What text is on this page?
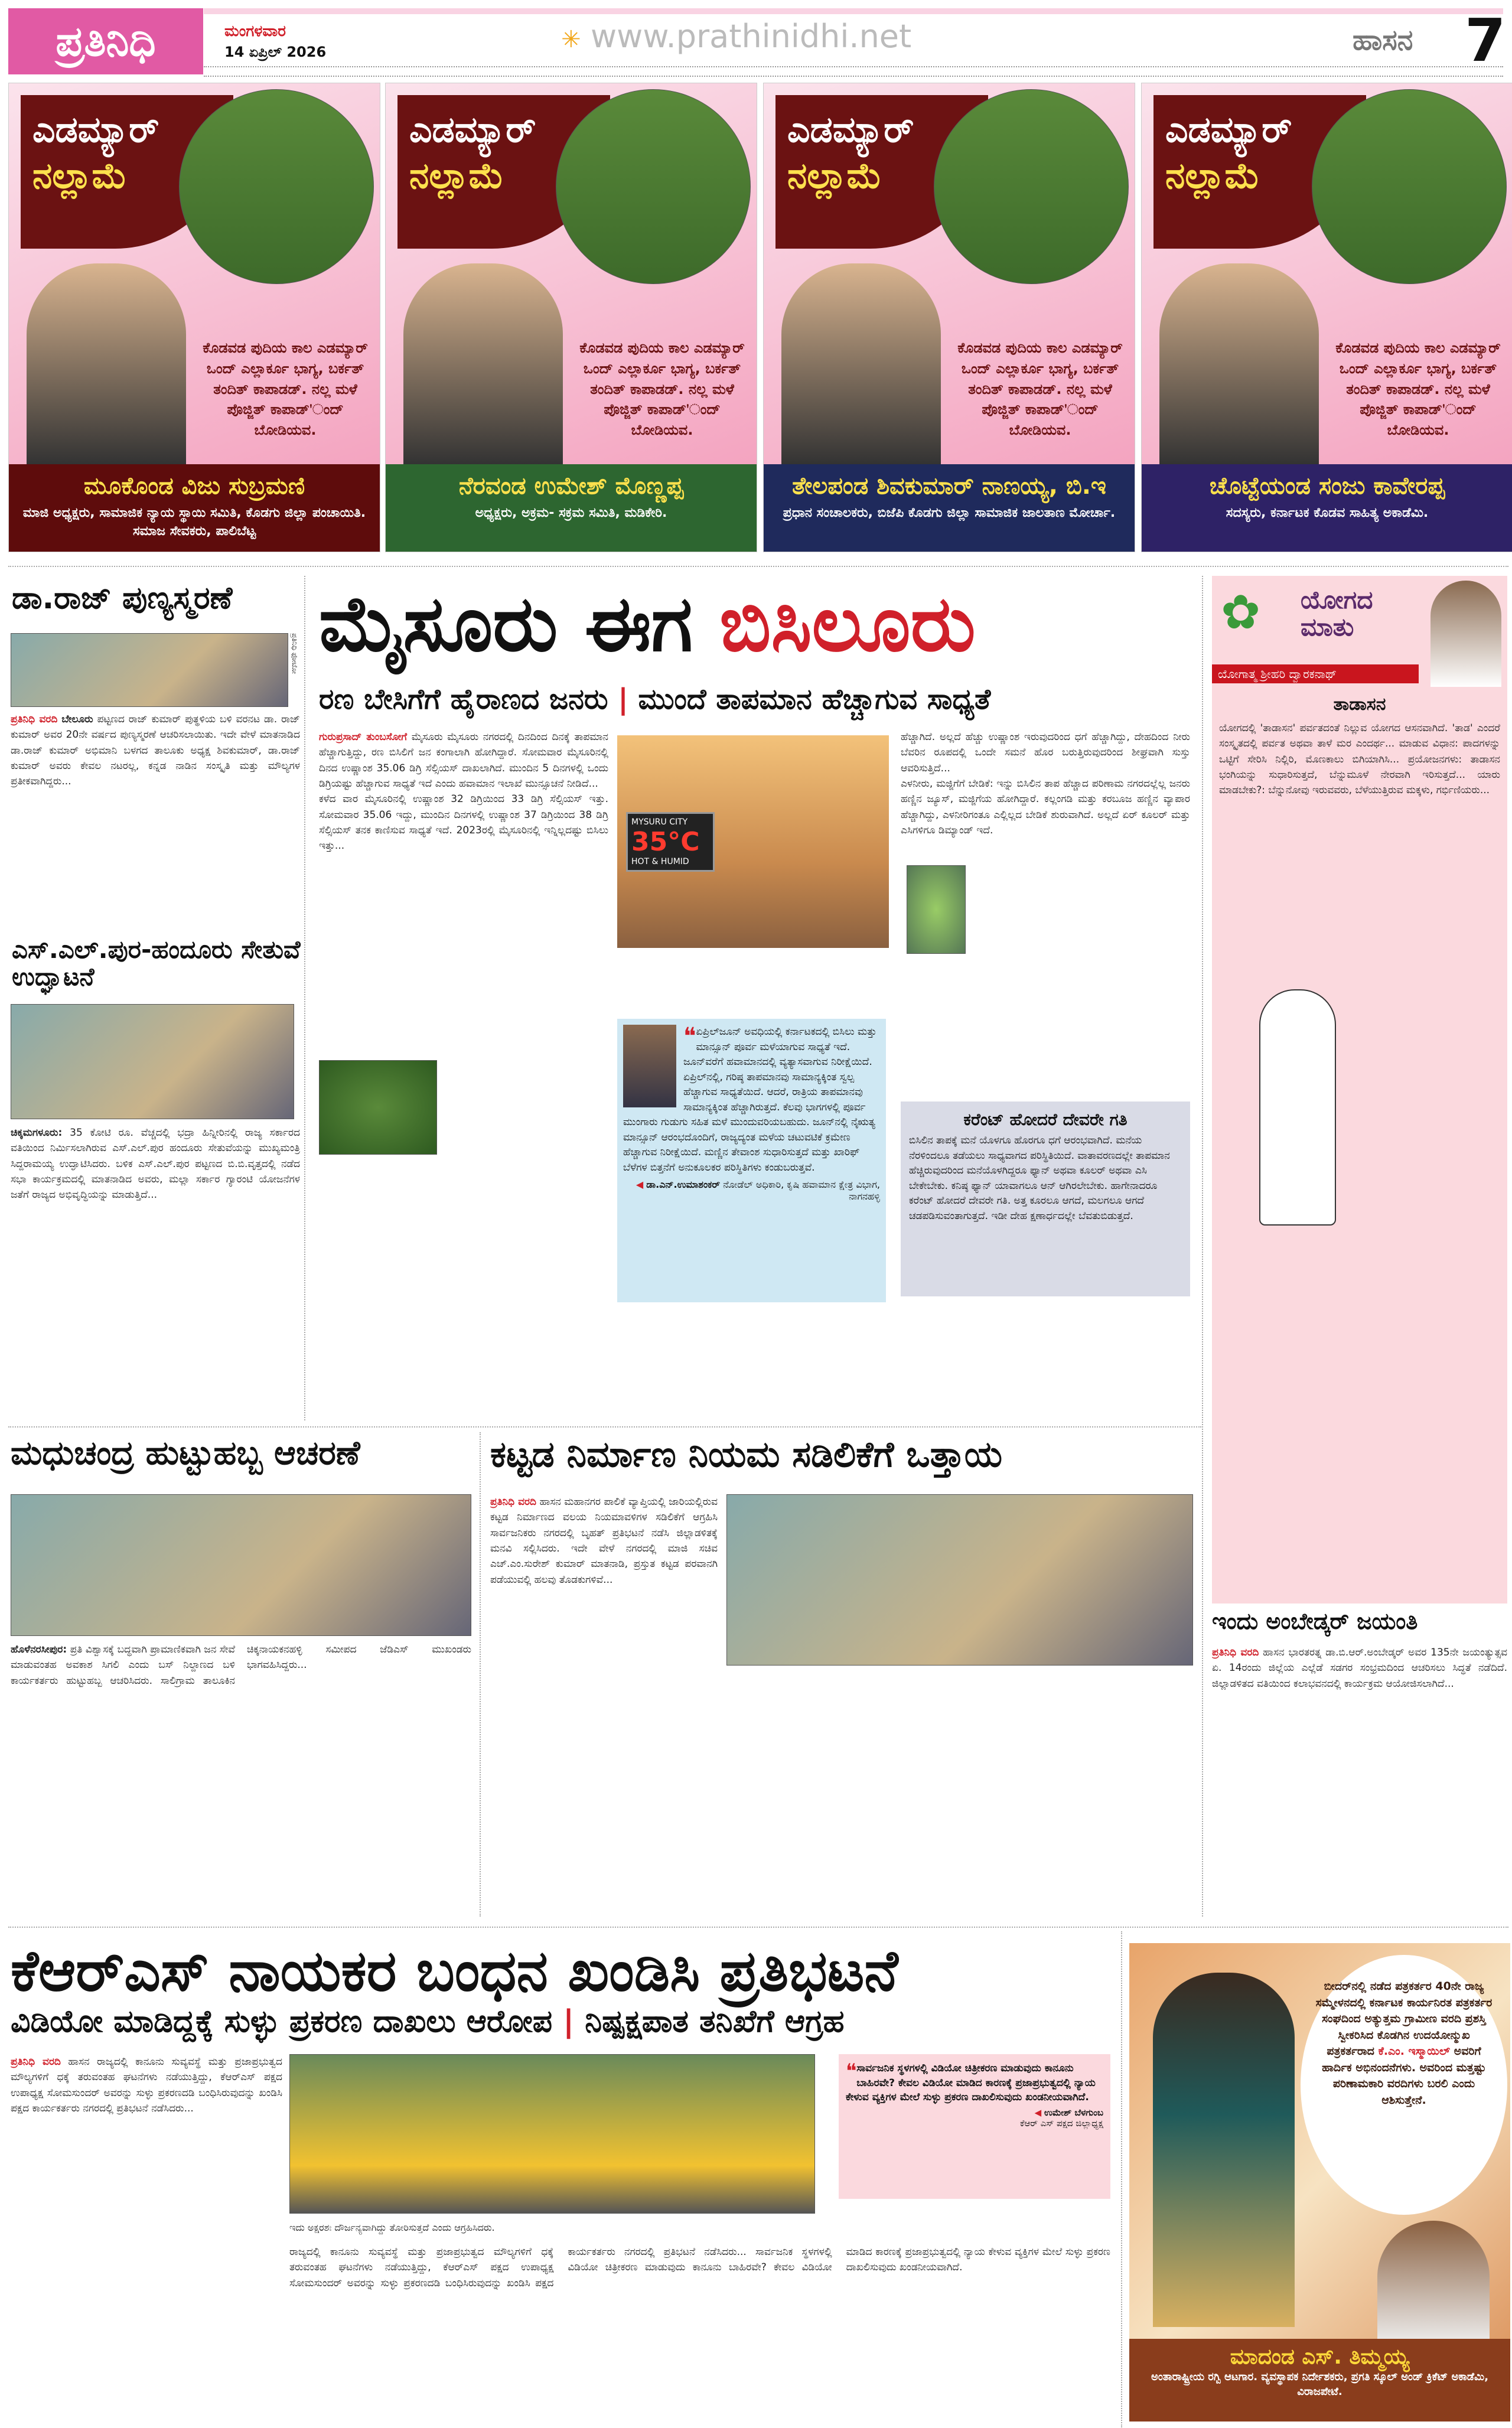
ಪ್ರತಿನಿಧಿ	ಮಂಗಳವಾರ
14 ಏಪ್ರಿಲ್ 2026	✳ www.prathinidhi.net	ಹಾಸನ 7
ಎಡಮ್ಯಾರ್
ನಲ್ಲಾಮೆ
ಕೊಡವಡ ಪುದಿಯ ಕಾಲ ಎಡಮ್ಯಾರ್ ಒಂದ್ ಎಲ್ಲಾರ್ಕೂ ಭಾಗ್ಯ, ಬರ್ಕತ್ ತಂದಿತ್ ಕಾಪಾಡಡ್. ನಲ್ಲ ಮಳೆ ಪೊಜ್ಜಿತ್ ಕಾಪಾಡ್'ಂದ್ ಬೋಡಿಯವ.
ಮೂಕೊಂಡ ವಿಜು ಸುಬ್ರಮಣಿ
ಮಾಜಿ ಅಧ್ಯಕ್ಷರು, ಸಾಮಾಜಿಕ ನ್ಯಾಯ ಸ್ಥಾಯಿ ಸಮಿತಿ, ಕೊಡಗು ಜಿಲ್ಲಾ ಪಂಚಾಯಿತಿ. ಸಮಾಜ ಸೇವಕರು, ಪಾಲಿಬೆಟ್ಟ
ಎಡಮ್ಯಾರ್
ನಲ್ಲಾಮೆ
ಕೊಡವಡ ಪುದಿಯ ಕಾಲ ಎಡಮ್ಯಾರ್ ಒಂದ್ ಎಲ್ಲಾರ್ಕೂ ಭಾಗ್ಯ, ಬರ್ಕತ್ ತಂದಿತ್ ಕಾಪಾಡಡ್. ನಲ್ಲ ಮಳೆ ಪೊಜ್ಜಿತ್ ಕಾಪಾಡ್'ಂದ್ ಬೋಡಿಯವ.
ನೆರವಂಡ ಉಮೇಶ್ ಮೊಣ್ಣಪ್ಪ
ಅಧ್ಯಕ್ಷರು, ಅಕ್ರಮ- ಸಕ್ರಮ ಸಮಿತಿ, ಮಡಿಕೇರಿ.
ಎಡಮ್ಯಾರ್
ನಲ್ಲಾಮೆ
ಕೊಡವಡ ಪುದಿಯ ಕಾಲ ಎಡಮ್ಯಾರ್ ಒಂದ್ ಎಲ್ಲಾರ್ಕೂ ಭಾಗ್ಯ, ಬರ್ಕತ್ ತಂದಿತ್ ಕಾಪಾಡಡ್. ನಲ್ಲ ಮಳೆ ಪೊಜ್ಜಿತ್ ಕಾಪಾಡ್'ಂದ್ ಬೋಡಿಯವ.
ತೇಲಪಂಡ ಶಿವಕುಮಾರ್ ನಾಣಯ್ಯ, ಬಿ.ಇ
ಪ್ರಧಾನ ಸಂಚಾಲಕರು, ಬಿಜೆಪಿ ಕೊಡಗು ಜಿಲ್ಲಾ ಸಾಮಾಜಿಕ ಜಾಲತಾಣ ಮೋರ್ಚಾ.
ಎಡಮ್ಯಾರ್
ನಲ್ಲಾಮೆ
ಕೊಡವಡ ಪುದಿಯ ಕಾಲ ಎಡಮ್ಯಾರ್ ಒಂದ್ ಎಲ್ಲಾರ್ಕೂ ಭಾಗ್ಯ, ಬರ್ಕತ್ ತಂದಿತ್ ಕಾಪಾಡಡ್. ನಲ್ಲ ಮಳೆ ಪೊಜ್ಜಿತ್ ಕಾಪಾಡ್'ಂದ್ ಬೋಡಿಯವ.
ಚೊಟ್ಟೆಯಂಡ ಸಂಜು ಕಾವೇರಪ್ಪ
ಸದಸ್ಯರು, ಕರ್ನಾಟಕ ಕೊಡವ ಸಾಹಿತ್ಯ ಅಕಾಡೆಮಿ.
ಡಾ.ರಾಜ್ ಪುಣ್ಯಸ್ಮರಣೆ
ಪ್ರತಿನಿಧಿ ಫೋಟೋ
ಪ್ರತಿನಿಧಿ ವರದಿ ಬೇಲೂರು ಪಟ್ಟಣದ ರಾಜ್ ಕುಮಾರ್ ಪುತ್ಥಳಿಯ ಬಳಿ ವರನಟ ಡಾ. ರಾಜ್ ಕುಮಾರ್ ಅವರ 20ನೇ ವರ್ಷದ ಪುಣ್ಯಸ್ಮರಣೆ ಆಚರಿಸಲಾಯಿತು. ಇದೇ ವೇಳೆ ಮಾತನಾಡಿದ ಡಾ.ರಾಜ್ ಕುಮಾರ್ ಅಭಿಮಾನಿ ಬಳಗದ ತಾಲೂಕು ಅಧ್ಯಕ್ಷ ಶಿವಕುಮಾರ್, ಡಾ.ರಾಜ್ ಕುಮಾರ್ ಅವರು ಕೇವಲ ನಟರಲ್ಲ, ಕನ್ನಡ ನಾಡಿನ ಸಂಸ್ಕೃತಿ ಮತ್ತು ಮೌಲ್ಯಗಳ ಪ್ರತೀಕವಾಗಿದ್ದರು...
ಎಸ್.ಎಲ್.ಪುರ-ಹಂದೂರು ಸೇತುವೆ ಉದ್ಘಾಟನೆ
ಚಿಕ್ಕಮಗಳೂರು: 35 ಕೋಟಿ ರೂ. ವೆಚ್ಚದಲ್ಲಿ ಭದ್ರಾ ಹಿನ್ನೀರಿನಲ್ಲಿ ರಾಜ್ಯ ಸರ್ಕಾರದ ವತಿಯಿಂದ ನಿರ್ಮಿಸಲಾಗಿರುವ ಎಸ್.ಎಲ್.ಪುರ ಹಂದೂರು ಸೇತುವೆಯನ್ನು ಮುಖ್ಯಮಂತ್ರಿ ಸಿದ್ದರಾಮಯ್ಯ ಉದ್ಘಾಟಿಸಿದರು. ಬಳಿಕ ಎಸ್.ಎಲ್.ಪುರ ಪಟ್ಟಣದ ಬಿ.ಬಿ.ವೃತ್ತದಲ್ಲಿ ನಡೆದ ಸಭಾ ಕಾರ್ಯಕ್ರಮದಲ್ಲಿ ಮಾತನಾಡಿದ ಅವರು, ಮಲ್ಲಾ ಸರ್ಕಾರ ಗ್ಯಾರಂಟಿ ಯೋಜನೆಗಳ ಜತೆಗೆ ರಾಜ್ಯದ ಅಭಿವೃದ್ಧಿಯನ್ನು ಮಾಡುತ್ತಿದೆ...
ಮೈಸೂರು ಈಗ ಬಿಸಿಲೂರು
ರಣ ಬೇಸಿಗೆಗೆ ಹೈರಾಣದ ಜನರು | ಮುಂದೆ ತಾಪಮಾನ ಹೆಚ್ಚಾಗುವ ಸಾಧ್ಯತೆ
ಗುರುಪ್ರಸಾದ್ ತುಂಬಸೋಗೆ ಮೈಸೂರು ಮೈಸೂರು ನಗರದಲ್ಲಿ ದಿನದಿಂದ ದಿನಕ್ಕೆ ತಾಪಮಾನ ಹೆಚ್ಚಾಗುತ್ತಿದ್ದು, ರಣ ಬಿಸಿಲಿಗೆ ಜನ ಕಂಗಾಲಾಗಿ ಹೋಗಿದ್ದಾರೆ. ಸೋಮವಾರ ಮೈಸೂರಿನಲ್ಲಿ ದಿನದ ಉಷ್ಣಾಂಶ 35.06 ಡಿಗ್ರಿ ಸೆಲ್ಸಿಯಸ್ ದಾಖಲಾಗಿದೆ. ಮುಂದಿನ 5 ದಿನಗಳಲ್ಲಿ ಒಂದು ಡಿಗ್ರಿಯಷ್ಟು ಹೆಚ್ಚಾಗುವ ಸಾಧ್ಯತೆ ಇದೆ ಎಂದು ಹವಾಮಾನ ಇಲಾಖೆ ಮುನ್ಸೂಚನೆ ನೀಡಿದೆ...
ಕಳೆದ ವಾರ ಮೈಸೂರಿನಲ್ಲಿ ಉಷ್ಣಾಂಶ 32 ಡಿಗ್ರಿಯಿಂದ 33 ಡಿಗ್ರಿ ಸೆಲ್ಸಿಯಸ್ ಇತ್ತು. ಸೋಮವಾರ 35.06 ಇದ್ದು, ಮುಂದಿನ ದಿನಗಳಲ್ಲಿ ಉಷ್ಣಾಂಶ 37 ಡಿಗ್ರಿಯಿಂದ 38 ಡಿಗ್ರಿ ಸೆಲ್ಸಿಯಸ್ ತನಕ ಕಾಣಿಸುವ ಸಾಧ್ಯತೆ ಇದೆ. 2023ರಲ್ಲಿ ಮೈಸೂರಿನಲ್ಲಿ ಇನ್ನಿಲ್ಲದಷ್ಟು ಬಿಸಿಲು ಇತ್ತು...
MYSURU CITY
35°C
HOT & HUMID
ಹೆಚ್ಚಾಗಿದೆ. ಅಲ್ಲದೆ ಹೆಚ್ಚು ಉಷ್ಣಾಂಶ ಇರುವುದರಿಂದ ಧಗೆ ಹೆಚ್ಚಾಗಿದ್ದು, ದೇಹದಿಂದ ನೀರು ಬೆವರಿನ ರೂಪದಲ್ಲಿ ಒಂದೇ ಸಮನೆ ಹೊರ ಬರುತ್ತಿರುವುದರಿಂದ ಶೀಘ್ರವಾಗಿ ಸುಸ್ತು ಆವರಿಸುತ್ತಿದೆ...
ಎಳನೀರು, ಮಜ್ಜಿಗೆಗೆ ಬೇಡಿಕೆ: ಇನ್ನು ಬಿಸಿಲಿನ ತಾಪ ಹೆಚ್ಚಾದ ಪರಿಣಾಮ ನಗರದಲ್ಲೆಲ್ಲ ಜನರು ಹಣ್ಣಿನ ಜ್ಯೂಸ್, ಮಜ್ಜಿಗೆಯ ಹೋಗಿದ್ದಾರೆ. ಕಲ್ಲಂಗಡಿ ಮತ್ತು ಕರಬೂಜ ಹಣ್ಣಿನ ವ್ಯಾಪಾರ ಹೆಚ್ಚಾಗಿದ್ದು, ಎಳನೀರಿಗಂತೂ ಎಲ್ಲಿಲ್ಲದ ಬೇಡಿಕೆ ಶುರುವಾಗಿದೆ. ಅಲ್ಲದೆ ಏರ್ ಕೂಲರ್ ಮತ್ತು ಎಸಿಗಳಿಗೂ ಡಿಮ್ಯಾಂಡ್ ಇದೆ.
❝ ಏಪ್ರಿಲ್‌ಜೂನ್ ಅವಧಿಯಲ್ಲಿ ಕರ್ನಾಟಕದಲ್ಲಿ ಬಿಸಿಲು ಮತ್ತು ಮಾನ್ಸೂನ್ ಪೂರ್ವ ಮಳೆಯಾಗುವ ಸಾಧ್ಯತೆ ಇದೆ. ಜೂನ್‌ವರೆಗೆ ಹವಾಮಾನದಲ್ಲಿ ವ್ಯತ್ಯಾಸವಾಗುವ ನಿರೀಕ್ಷೆಯಿದೆ. ಏಪ್ರಿಲ್‌ನಲ್ಲಿ, ಗರಿಷ್ಠ ತಾಪಮಾನವು ಸಾಮಾನ್ಯಕ್ಕಿಂತ ಸ್ವಲ್ಪ ಹೆಚ್ಚಾಗುವ ಸಾಧ್ಯತೆಯಿದೆ. ಆದರೆ, ರಾತ್ರಿಯ ತಾಪಮಾನವು ಸಾಮಾನ್ಯಕ್ಕಿಂತ ಹೆಚ್ಚಾಗಿರುತ್ತದೆ. ಕೆಲವು ಭಾಗಗಳಲ್ಲಿ ಪೂರ್ವ ಮುಂಗಾರು ಗುಡುಗು ಸಹಿತ ಮಳೆ ಮುಂದುವರಿಯಬಹುದು. ಜೂನ್‌ನಲ್ಲಿ ನೈಋತ್ಯ ಮಾನ್ಸೂನ್ ಆರಂಭದೊಂದಿಗೆ, ರಾಜ್ಯದ್ಯಂತ ಮಳೆಯ ಚಟುವಟಿಕೆ ಕ್ರಮೇಣ ಹೆಚ್ಚಾಗುವ ನಿರೀಕ್ಷೆಯಿದೆ. ಮಣ್ಣಿನ ತೇವಾಂಶ ಸುಧಾರಿಸುತ್ತದೆ ಮತ್ತು ಖಾರಿಫ್ ಬೆಳೆಗಳ ಬಿತ್ತನೆಗೆ ಅನುಕೂಲಕರ ಪರಿಸ್ಥಿತಿಗಳು ಕಂಡುಬರುತ್ತವೆ.
◀ ಡಾ.ಎನ್.ಉಮಾಶಂಕರ್ ನೋಡೆಲ್ ಅಧಿಕಾರಿ, ಕೃಷಿ ಹವಾಮಾನ ಕ್ಷೇತ್ರ ವಿಭಾಗ, ನಾಗನಹಳ್ಳಿ
ಕರೆಂಟ್ ಹೋದರೆ ದೇವರೇ ಗತಿ
ಬಿಸಿಲಿನ ತಾಪಕ್ಕೆ ಮನೆ ಯೊಳಗೂ ಹೊರಗೂ ಧಗೆ ಆರಂಭವಾಗಿದೆ. ಮನೆಯ ನೆರಳಿಂದಲೂ ತಡೆಯಲು ಸಾಧ್ಯವಾಗದ ಪರಿಸ್ಥಿತಿಯಿದೆ. ವಾತಾವರಣದಲ್ಲೇ ತಾಪಮಾನ ಹೆಚ್ಚಿರುವುದರಿಂದ ಮನೆಯೊಳಗಿದ್ದರೂ ಫ್ಯಾನ್ ಅಥವಾ ಕೂಲರ್ ಅಥವಾ ಎಸಿ ಬೇಕೇಬೇಕು. ಕನಿಷ್ಠ ಫ್ಯಾನ್ ಯಾವಾಗಲೂ ಆನ್ ಆಗಿರಲೇಬೇಕು. ಹಾಗೇನಾದರೂ ಕರೆಂಟ್ ಹೋದರೆ ದೇವರೇ ಗತಿ. ಅತ್ತ ಕೂರಲೂ ಆಗದೆ, ಮಲಗಲೂ ಆಗದೆ ಚಡಪಡಿಸುವಂತಾಗುತ್ತದೆ. ಇಡೀ ದೇಹ ಕ್ಷಣಾರ್ಧದಲ್ಲೇ ಬೆವತುಬಿಡುತ್ತದೆ.
✿ ಯೋಗದ
ಮಾತು
ಯೋಗಾತ್ಮ ಶ್ರೀಹರಿ ದ್ವಾರಕನಾಥ್
ತಾಡಾಸನ
ಯೋಗದಲ್ಲಿ 'ತಾಡಾಸನ' ಪರ್ವತದಂತೆ ನಿಲ್ಲುವ ಯೋಗದ ಆಸನವಾಗಿದೆ. 'ತಾಡ' ಎಂದರೆ ಸಂಸ್ಕೃತದಲ್ಲಿ ಪರ್ವತ ಅಥವಾ ತಾಳೆ ಮರ ಎಂದರ್ಥ... ಮಾಡುವ ವಿಧಾನ: ಪಾದಗಳನ್ನು ಒಟ್ಟಿಗೆ ಸೇರಿಸಿ ನಿಲ್ಲಿರಿ, ಮೊಣಕಾಲು ಬಿಗಿಯಾಗಿಸಿ... ಪ್ರಯೋಜನಗಳು: ತಾಡಾಸನ ಭಂಗಿಯನ್ನು ಸುಧಾರಿಸುತ್ತದೆ, ಬೆನ್ನುಮೂಳೆ ನೇರವಾಗಿ ಇರಿಸುತ್ತದೆ... ಯಾರು ಮಾಡಬೇಕು?: ಬೆನ್ನುನೋವು ಇರುವವರು, ಬೆಳೆಯುತ್ತಿರುವ ಮಕ್ಕಳು, ಗರ್ಭಿಣಿಯರು...
ಇಂದು ಅಂಬೇಡ್ಕರ್ ಜಯಂತಿ
ಪ್ರತಿನಿಧಿ ವರದಿ ಹಾಸನ ಭಾರತರತ್ನ ಡಾ.ಬಿ.ಆರ್.ಅಂಬೇಡ್ಕರ್ ಅವರ 135ನೇ ಜಯಂತ್ಯುತ್ಸವ ಏ. 14ರಂದು ಜಿಲ್ಲೆಯ ಎಲ್ಲೆಡೆ ಸಡಗರ ಸಂಭ್ರಮದಿಂದ ಆಚರಿಸಲು ಸಿದ್ಧತೆ ನಡೆದಿದೆ. ಜಿಲ್ಲಾಡಳಿತದ ವತಿಯಿಂದ ಕಲಾಭವನದಲ್ಲಿ ಕಾರ್ಯಕ್ರಮ ಆಯೋಜಿಸಲಾಗಿದೆ...
ಮಧುಚಂದ್ರ ಹುಟ್ಟುಹಬ್ಬ ಆಚರಣೆ
ಹೊಳೆನರಸೀಪುರ: ಪ್ರತಿ ವಿಶ್ವಾಸಕ್ಕೆ ಬದ್ಧವಾಗಿ ಪ್ರಾಮಾಣಿಕವಾಗಿ ಜನ ಸೇವೆ ಮಾಡುವಂತಹ ಅವಕಾಶ ಸಿಗಲಿ ಎಂದು ಬಸ್ ನಿಲ್ದಾಣದ ಬಳಿ ಕಾರ್ಯಕರ್ತರು ಹುಟ್ಟುಹಬ್ಬ ಆಚರಿಸಿದರು. ಸಾಲಿಗ್ರಾಮ ತಾಲೂಕಿನ ಚಿಕ್ಕನಾಯಕನಹಳ್ಳಿ ಸಮೀಪದ ಜೆಡಿಎಸ್ ಮುಖಂಡರು ಭಾಗವಹಿಸಿದ್ದರು...
ಕಟ್ಟಡ ನಿರ್ಮಾಣ ನಿಯಮ ಸಡಿಲಿಕೆಗೆ ಒತ್ತಾಯ
ಪ್ರತಿನಿಧಿ ವರದಿ ಹಾಸನ ಮಹಾನಗರ ಪಾಲಿಕೆ ವ್ಯಾಪ್ತಿಯಲ್ಲಿ ಜಾರಿಯಲ್ಲಿರುವ ಕಟ್ಟಡ ನಿರ್ಮಾಣದ ವಲಯ ನಿಯಮಾವಳಿಗಳ ಸಡಿಲಿಕೆಗೆ ಆಗ್ರಹಿಸಿ ಸಾರ್ವಜನಿಕರು ನಗರದಲ್ಲಿ ಬೃಹತ್ ಪ್ರತಿಭಟನೆ ನಡೆಸಿ ಜಿಲ್ಲಾಡಳಿತಕ್ಕೆ ಮನವಿ ಸಲ್ಲಿಸಿದರು. ಇದೇ ವೇಳೆ ನಗರದಲ್ಲಿ ಮಾಜಿ ಸಚಿವ ಎಚ್.ಎಂ.ಸುರೇಶ್ ಕುಮಾರ್ ಮಾತನಾಡಿ, ಪ್ರಸ್ತುತ ಕಟ್ಟಡ ಪರವಾನಗಿ ಪಡೆಯುವಲ್ಲಿ ಹಲವು ತೊಡಕುಗಳಿವೆ...
ಕೆಆರ್‌ಎಸ್ ನಾಯಕರ ಬಂಧನ ಖಂಡಿಸಿ ಪ್ರತಿಭಟನೆ
ವಿಡಿಯೋ ಮಾಡಿದ್ದಕ್ಕೆ ಸುಳ್ಳು ಪ್ರಕರಣ ದಾಖಲು ಆರೋಪ | ನಿಷ್ಪಕ್ಷಪಾತ ತನಿಖೆಗೆ ಆಗ್ರಹ
ಪ್ರತಿನಿಧಿ ವರದಿ ಹಾಸನ ರಾಜ್ಯದಲ್ಲಿ ಕಾನೂನು ಸುವ್ಯವಸ್ಥೆ ಮತ್ತು ಪ್ರಜಾಪ್ರಭುತ್ವದ ಮೌಲ್ಯಗಳಿಗೆ ಧಕ್ಕೆ ತರುವಂತಹ ಘಟನೆಗಳು ನಡೆಯುತ್ತಿದ್ದು, ಕೆಆರ್‌ಎಸ್ ಪಕ್ಷದ ಉಪಾಧ್ಯಕ್ಷ ಸೋಮಸುಂದರ್ ಅವರನ್ನು ಸುಳ್ಳು ಪ್ರಕರಣದಡಿ ಬಂಧಿಸಿರುವುದನ್ನು ಖಂಡಿಸಿ ಪಕ್ಷದ ಕಾರ್ಯಕರ್ತರು ನಗರದಲ್ಲಿ ಪ್ರತಿಭಟನೆ ನಡೆಸಿದರು...
ಇದು ಅಕ್ಷರಶಃ ದೌರ್ಜನ್ಯವಾಗಿದ್ದು ತೋರಿಸುತ್ತದೆ ಎಂದು ಆಗ್ರಹಿಸಿದರು.
❝ ಸಾರ್ವಜನಿಕ ಸ್ಥಳಗಳಲ್ಲಿ ವಿಡಿಯೋ ಚಿತ್ರೀಕರಣ ಮಾಡುವುದು ಕಾನೂನು ಬಾಹಿರವೇ? ಕೇವಲ ವಿಡಿಯೋ ಮಾಡಿದ ಕಾರಣಕ್ಕೆ ಪ್ರಜಾಪ್ರಭುತ್ವದಲ್ಲಿ ನ್ಯಾಯ ಕೇಳುವ ವ್ಯಕ್ತಿಗಳ ಮೇಲೆ ಸುಳ್ಳು ಪ್ರಕರಣ ದಾಖಲಿಸುವುದು ಖಂಡನೀಯವಾಗಿದೆ.
◀ ಉಮೇಶ್ ಬೆಳಗುಂಬ
ಕೆಆರ್ ಎಸ್ ಪಕ್ಷದ ಜಿಲ್ಲಾಧ್ಯಕ್ಷ
ರಾಜ್ಯದಲ್ಲಿ ಕಾನೂನು ಸುವ್ಯವಸ್ಥೆ ಮತ್ತು ಪ್ರಜಾಪ್ರಭುತ್ವದ ಮೌಲ್ಯಗಳಿಗೆ ಧಕ್ಕೆ ತರುವಂತಹ ಘಟನೆಗಳು ನಡೆಯುತ್ತಿದ್ದು, ಕೆಆರ್‌ಎಸ್ ಪಕ್ಷದ ಉಪಾಧ್ಯಕ್ಷ ಸೋಮಸುಂದರ್ ಅವರನ್ನು ಸುಳ್ಳು ಪ್ರಕರಣದಡಿ ಬಂಧಿಸಿರುವುದನ್ನು ಖಂಡಿಸಿ ಪಕ್ಷದ ಕಾರ್ಯಕರ್ತರು ನಗರದಲ್ಲಿ ಪ್ರತಿಭಟನೆ ನಡೆಸಿದರು... ಸಾರ್ವಜನಿಕ ಸ್ಥಳಗಳಲ್ಲಿ ವಿಡಿಯೋ ಚಿತ್ರೀಕರಣ ಮಾಡುವುದು ಕಾನೂನು ಬಾಹಿರವೇ? ಕೇವಲ ವಿಡಿಯೋ ಮಾಡಿದ ಕಾರಣಕ್ಕೆ ಪ್ರಜಾಪ್ರಭುತ್ವದಲ್ಲಿ ನ್ಯಾಯ ಕೇಳುವ ವ್ಯಕ್ತಿಗಳ ಮೇಲೆ ಸುಳ್ಳು ಪ್ರಕರಣ ದಾಖಲಿಸುವುದು ಖಂಡನೀಯವಾಗಿದೆ.
ಬೀದರ್‌ನಲ್ಲಿ ನಡೆದ ಪತ್ರಕರ್ತರ 40ನೇ ರಾಜ್ಯ ಸಮ್ಮೇಳನದಲ್ಲಿ ಕರ್ನಾಟಕ ಕಾರ್ಯನಿರತ ಪತ್ರಕರ್ತರ ಸಂಘದಿಂದ ಅತ್ಯುತ್ತಮ ಗ್ರಾಮೀಣ ವರದಿ ಪ್ರಶಸ್ತಿ ಸ್ವೀಕರಿಸಿದ ಕೊಡಗಿನ ಉದಯೋನ್ಮುಖ ಪತ್ರಕರ್ತರಾದ ಕೆ.ಎಂ. ಇಸ್ಮಾಯಿಲ್ ಅವರಿಗೆ ಹಾರ್ದಿಕ ಅಭಿನಂದನೆಗಳು. ಅವರಿಂದ ಮತ್ತಷ್ಟು ಪರಿಣಾಮಕಾರಿ ವರದಿಗಳು ಬರಲಿ ಎಂದು ಆಶಿಸುತ್ತೇನೆ.
ಮಾದಂಡ ಎಸ್. ತಿಮ್ಮಯ್ಯ
ಅಂತಾರಾಷ್ಟ್ರೀಯ ರಗ್ಬಿ ಆಟಗಾರ. ವ್ಯವಸ್ಥಾಪಕ ನಿರ್ದೇಶಕರು, ಪ್ರಗತಿ ಸ್ಕೂಲ್ ಅಂಡ್ ಕ್ರಿಕೆಟ್ ಅಕಾಡೆಮಿ, ವಿರಾಜಪೇಟೆ.
